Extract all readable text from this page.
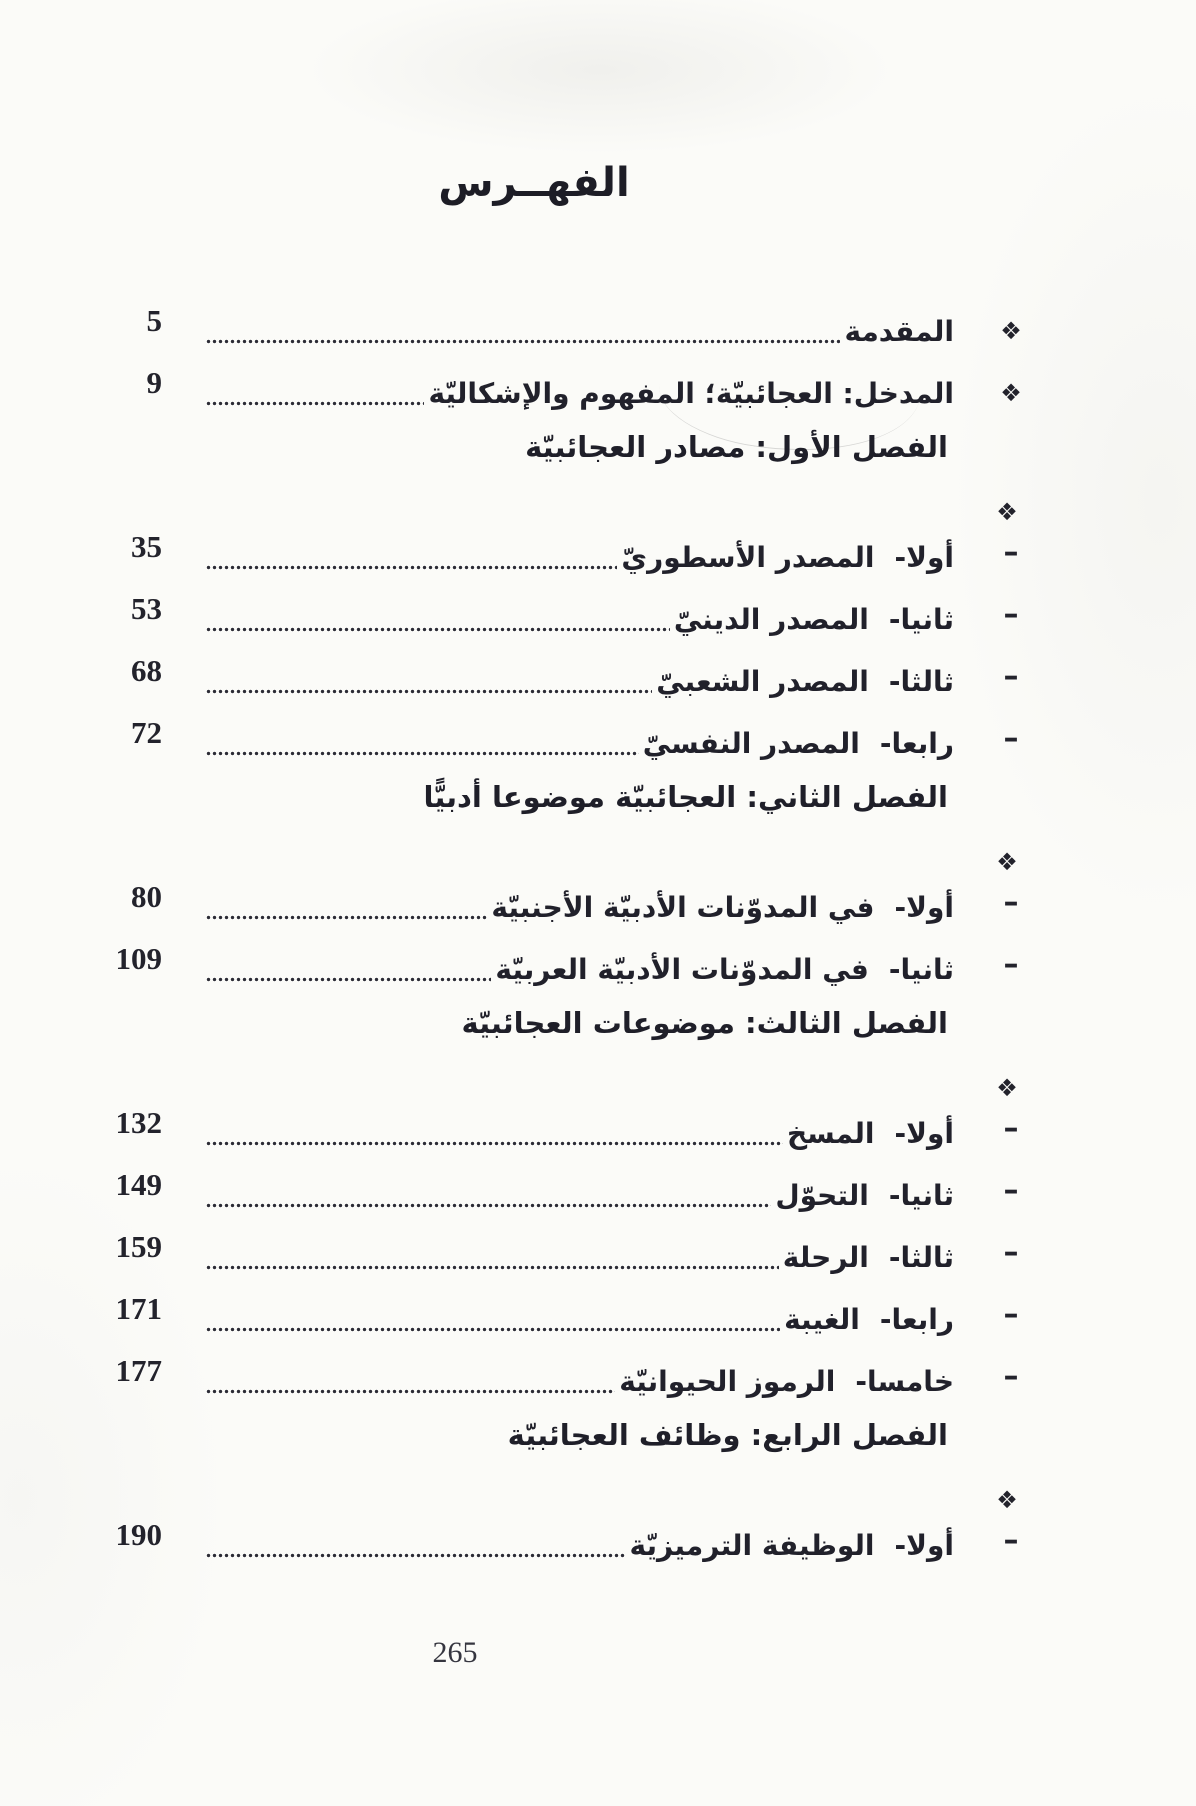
الفهــرس
❖
المقدمة
5
❖
المدخل: العجائبيّة؛ المفهوم والإشكاليّة
9
الفصل الأول: مصادر العجائبيّة
❖
–
أولا-المصدر الأسطوريّ
35
–
ثانيا-المصدر الدينيّ
53
–
ثالثا-المصدر الشعبيّ
68
–
رابعا-المصدر النفسيّ
72
الفصل الثاني: العجائبيّة موضوعا أدبيًّا
❖
–
أولا-في المدوّنات الأدبيّة الأجنبيّة
80
–
ثانيا-في المدوّنات الأدبيّة العربيّة
109
الفصل الثالث: موضوعات العجائبيّة
❖
–
أولا-المسخ
132
–
ثانيا-التحوّل
149
–
ثالثا-الرحلة
159
–
رابعا-الغيبة
171
–
خامسا-الرموز الحيوانيّة
177
الفصل الرابع: وظائف العجائبيّة
❖
–
أولا-الوظيفة الترميزيّة
190
265
